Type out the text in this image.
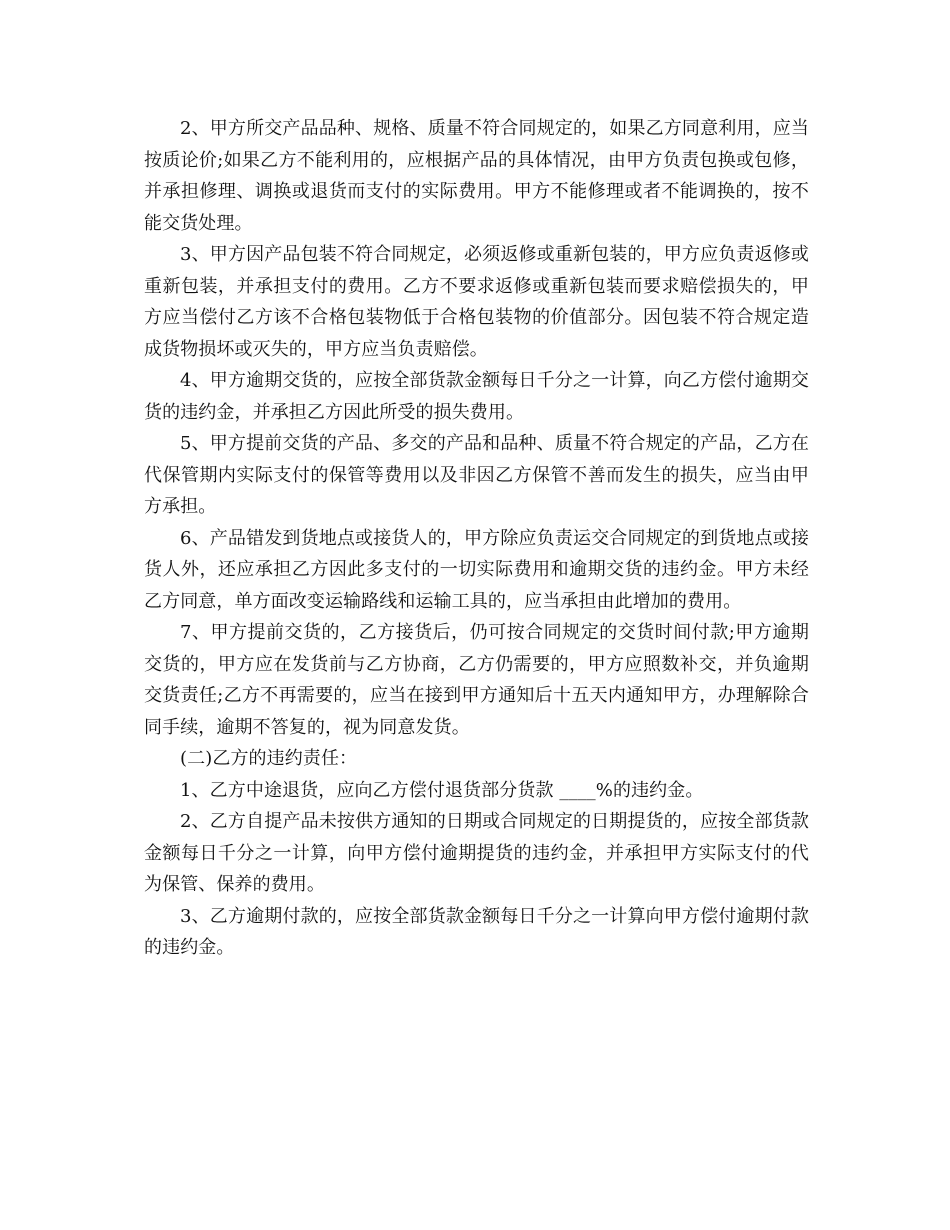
2、甲方所交产品品种、规格、质量不符合同规定的，如果乙方同意利用，应当按质论价;如果乙方不能利用的，应根据产品的具体情况，由甲方负责包换或包修，并承担修理、调换或退货而支付的实际费用。甲方不能修理或者不能调换的，按不能交货处理。

3、甲方因产品包装不符合同规定，必须返修或重新包装的，甲方应负责返修或重新包装，并承担支付的费用。乙方不要求返修或重新包装而要求赔偿损失的，甲方应当偿付乙方该不合格包装物低于合格包装物的价值部分。因包装不符合规定造成货物损坏或灭失的，甲方应当负责赔偿。

4、甲方逾期交货的，应按全部货款金额每日千分之一计算，向乙方偿付逾期交货的违约金，并承担乙方因此所受的损失费用。

5、甲方提前交货的产品、多交的产品和品种、质量不符合规定的产品，乙方在代保管期内实际支付的保管等费用以及非因乙方保管不善而发生的损失，应当由甲方承担。

6、产品错发到货地点或接货人的，甲方除应负责运交合同规定的到货地点或接货人外，还应承担乙方因此多支付的一切实际费用和逾期交货的违约金。甲方未经乙方同意，单方面改变运输路线和运输工具的，应当承担由此增加的费用。

7、甲方提前交货的，乙方接货后，仍可按合同规定的交货时间付款;甲方逾期交货的，甲方应在发货前与乙方协商，乙方仍需要的，甲方应照数补交，并负逾期交货责任;乙方不再需要的，应当在接到甲方通知后十五天内通知甲方，办理解除合同手续，逾期不答复的，视为同意发货。

(二)乙方的违约责任：

1、乙方中途退货，应向乙方偿付退货部分货款 ____%的违约金。

2、乙方自提产品未按供方通知的日期或合同规定的日期提货的，应按全部货款金额每日千分之一计算，向甲方偿付逾期提货的违约金，并承担甲方实际支付的代为保管、保养的费用。

3、乙方逾期付款的，应按全部货款金额每日千分之一计算向甲方偿付逾期付款的违约金。
